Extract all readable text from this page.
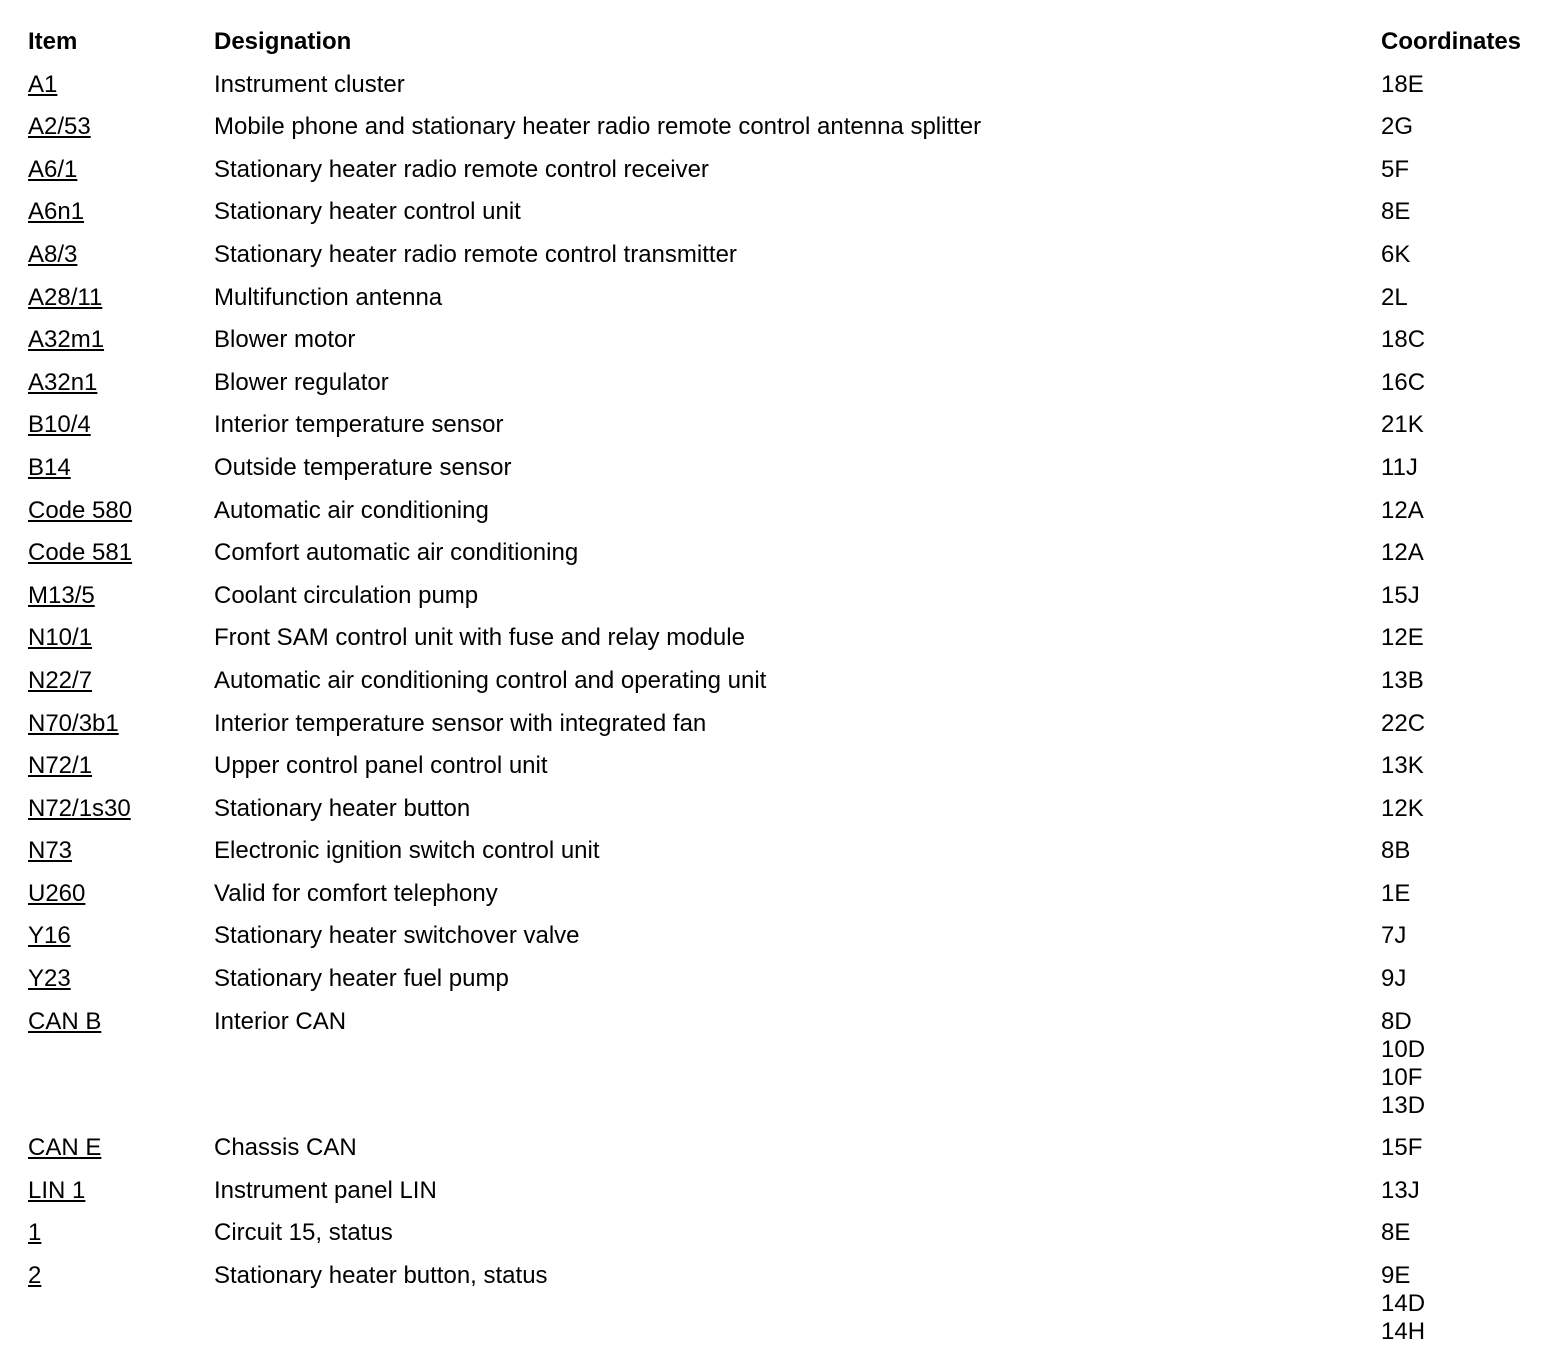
Item	Designation	Coordinates
A1	Instrument cluster	18E
A2/53	Mobile phone and stationary heater radio remote control antenna splitter	2G
A6/1	Stationary heater radio remote control receiver	5F
A6n1	Stationary heater control unit	8E
A8/3	Stationary heater radio remote control transmitter	6K
A28/11	Multifunction antenna	2L
A32m1	Blower motor	18C
A32n1	Blower regulator	16C
B10/4	Interior temperature sensor	21K
B14	Outside temperature sensor	11J
Code 580	Automatic air conditioning	12A
Code 581	Comfort automatic air conditioning	12A
M13/5	Coolant circulation pump	15J
N10/1	Front SAM control unit with fuse and relay module	12E
N22/7	Automatic air conditioning control and operating unit	13B
N70/3b1	Interior temperature sensor with integrated fan	22C
N72/1	Upper control panel control unit	13K
N72/1s30	Stationary heater button	12K
N73	Electronic ignition switch control unit	8B
U260	Valid for comfort telephony	1E
Y16	Stationary heater switchover valve	7J
Y23	Stationary heater fuel pump	9J
CAN B	Interior CAN	8D
10D
10F
13D
CAN E	Chassis CAN	15F
LIN 1	Instrument panel LIN	13J
1	Circuit 15, status	8E
2	Stationary heater button, status	9E
14D
14H
